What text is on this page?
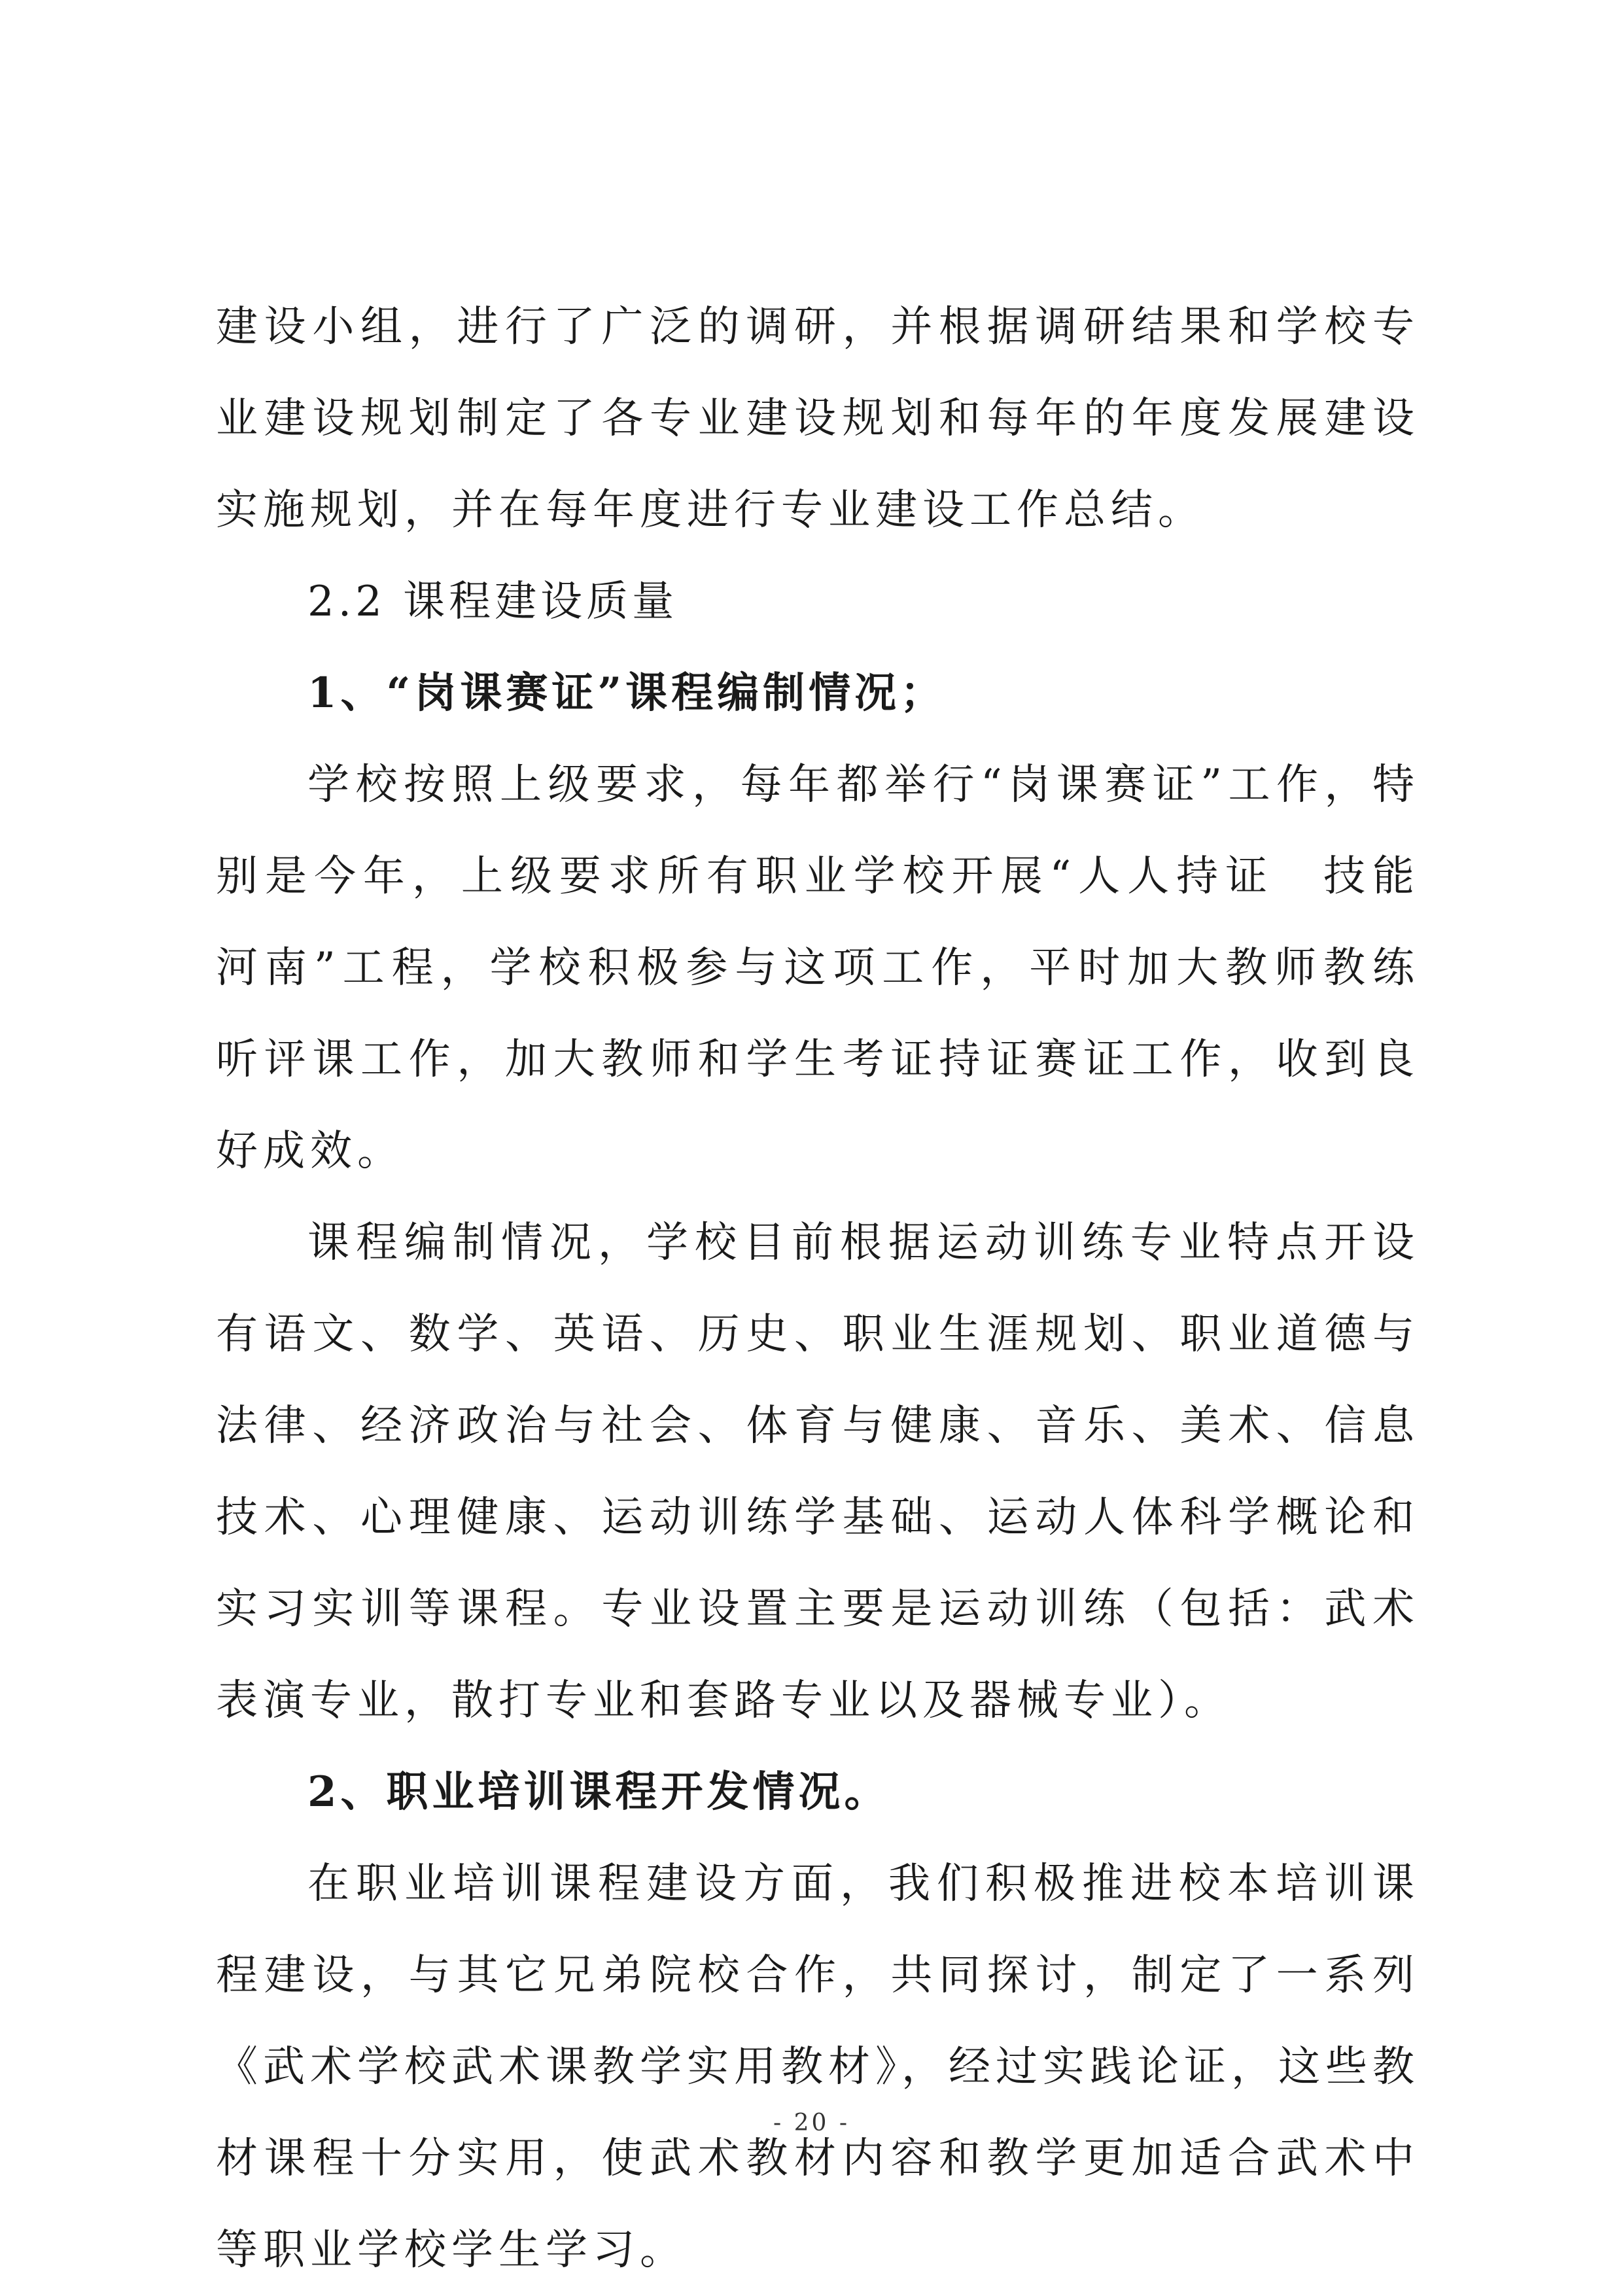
建设小组，进行了广泛的调研，并根据调研结果和学校专业建设规划制定了各专业建设规划和每年的年度发展建设实施规划，并在每年度进行专业建设工作总结。

2.2 课程建设质量

1、“岗课赛证”课程编制情况；

学校按照上级要求，每年都举行“岗课赛证”工作，特别是今年，上级要求所有职业学校开展“人人持证　技能河南”工程，学校积极参与这项工作，平时加大教师教练听评课工作，加大教师和学生考证持证赛证工作，收到良好成效。

课程编制情况，学校目前根据运动训练专业特点开设有语文、数学、英语、历史、职业生涯规划、职业道德与法律、经济政治与社会、体育与健康、音乐、美术、信息技术、心理健康、运动训练学基础、运动人体科学概论和实习实训等课程。专业设置主要是运动训练（包括：武术表演专业，散打专业和套路专业以及器械专业）。

2、职业培训课程开发情况。

在职业培训课程建设方面，我们积极推进校本培训课程建设，与其它兄弟院校合作，共同探讨，制定了一系列《武术学校武术课教学实用教材》，经过实践论证，这些教材课程十分实用，使武术教材内容和教学更加适合武术中等职业学校学生学习。

- 20 -
